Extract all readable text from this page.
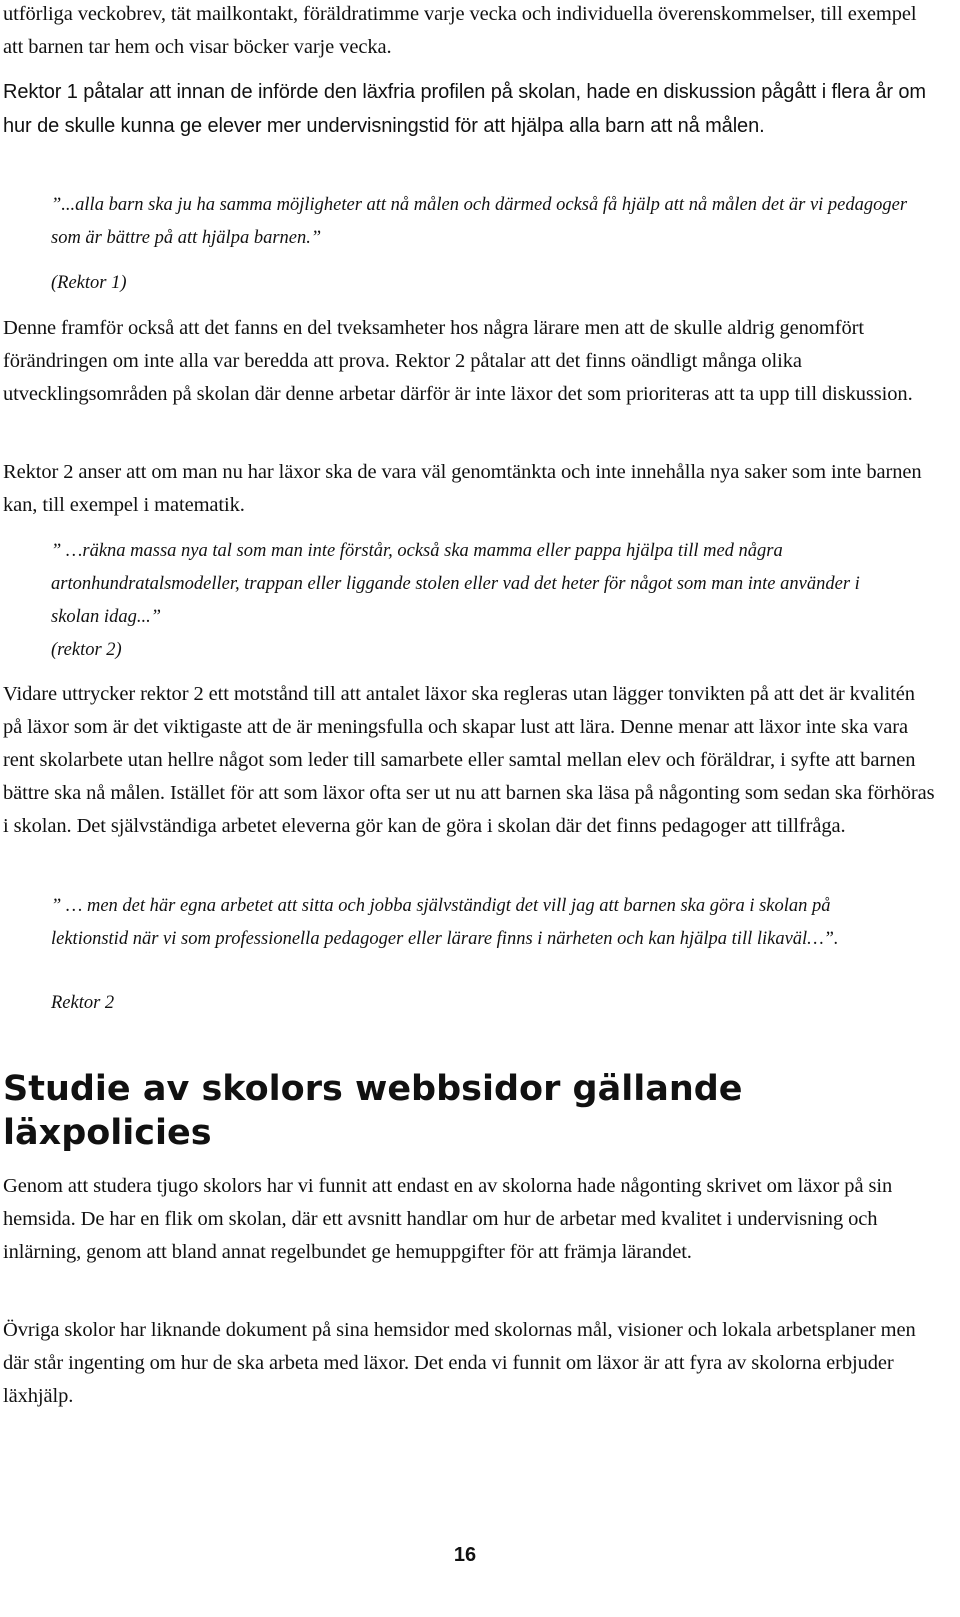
utförliga veckobrev, tät mailkontakt, föräldratimme varje vecka och individuella överenskommelser, till exempel att barnen tar hem och visar böcker varje vecka.

Rektor 1 påtalar att innan de införde den läxfria profilen på skolan, hade en diskussion pågått i flera år om hur de skulle kunna ge elever mer undervisningstid för att hjälpa alla barn att nå målen.

”...alla barn ska ju ha samma möjligheter att nå målen och därmed också få hjälp att nå målen det är vi pedagoger som är bättre på att hjälpa barnen.”

(Rektor 1)

Denne framför också att det fanns en del tveksamheter hos några lärare men att de skulle aldrig genomfört förändringen om inte alla var beredda att prova. Rektor 2 påtalar att det finns oändligt många olika utvecklingsområden på skolan där denne arbetar därför är inte läxor det som prioriteras att ta upp till diskussion.

Rektor 2 anser att om man nu har läxor ska de vara väl genomtänkta och inte innehålla nya saker som inte barnen kan, till exempel i matematik.

” …räkna massa nya tal som man inte förstår, också ska mamma eller pappa hjälpa till med några artonhundratalsmodeller, trappan eller liggande stolen eller vad det heter för något som man inte använder i skolan idag...”

(rektor 2)

Vidare uttrycker rektor 2 ett motstånd till att antalet läxor ska regleras utan lägger tonvikten på att det är kvalitén på läxor som är det viktigaste att de är meningsfulla och skapar lust att lära. Denne menar att läxor inte ska vara rent skolarbete utan hellre något som leder till samarbete eller samtal mellan elev och föräldrar, i syfte att barnen bättre ska nå målen. Istället för att som läxor ofta ser ut nu att barnen ska läsa på någonting som sedan ska förhöras i skolan. Det självständiga arbetet eleverna gör kan de göra i skolan där det finns pedagoger att tillfråga.

” … men det här egna arbetet att sitta och jobba självständigt det vill jag att barnen ska göra i skolan på lektionstid när vi som professionella pedagoger eller lärare finns i närheten och kan hjälpa till likaväl…”.

Rektor 2

Studie av skolors webbsidor gällande läxpolicies

Genom att studera tjugo skolors har vi funnit att endast en av skolorna hade någonting skrivet om läxor på sin hemsida. De har en flik om skolan, där ett avsnitt handlar om hur de arbetar med kvalitet i undervisning och inlärning, genom att bland annat regelbundet ge hemuppgifter för att främja lärandet.

Övriga skolor har liknande dokument på sina hemsidor med skolornas mål, visioner och lokala arbetsplaner men där står ingenting om hur de ska arbeta med läxor. Det enda vi funnit om läxor är att fyra av skolorna erbjuder läxhjälp.

16
